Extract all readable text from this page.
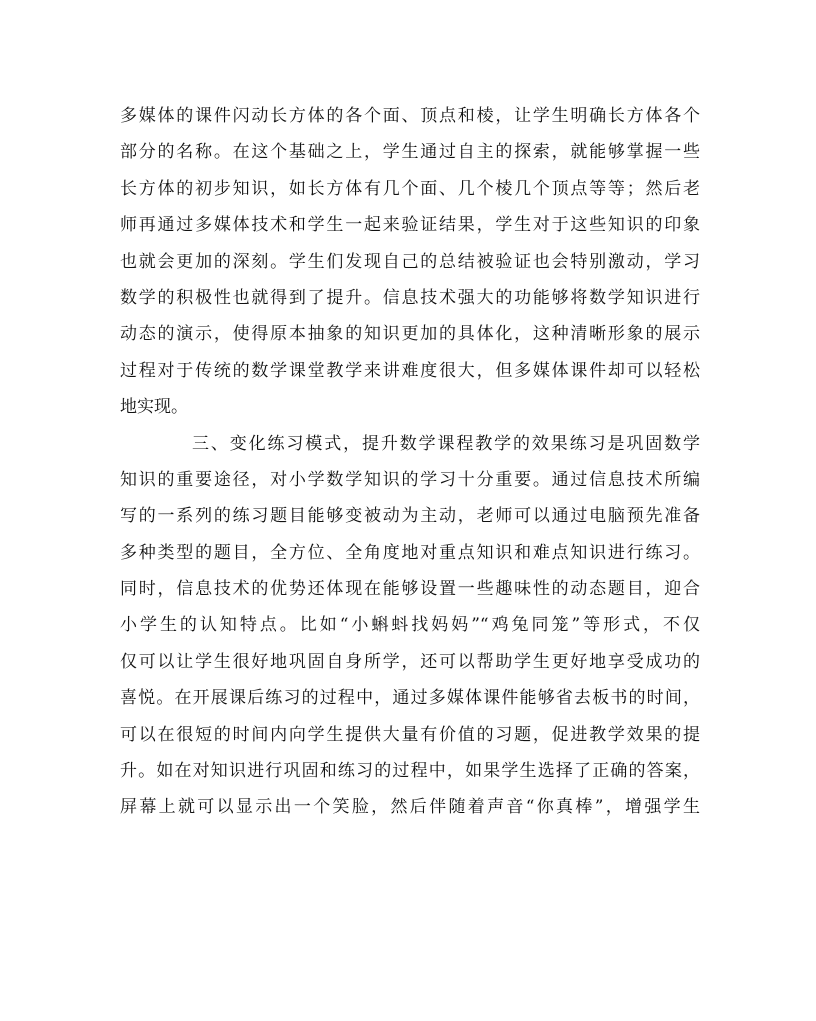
多媒体的课件闪动长方体的各个面、顶点和棱，让学生明确长方体各个
部分的名称。在这个基础之上，学生通过自主的探索，就能够掌握一些
长方体的初步知识，如长方体有几个面、几个棱几个顶点等等；然后老
师再通过多媒体技术和学生一起来验证结果，学生对于这些知识的印象
也就会更加的深刻。学生们发现自己的总结被验证也会特别激动，学习
数学的积极性也就得到了提升。信息技术强大的功能够将数学知识进行
动态的演示，使得原本抽象的知识更加的具体化，这种清晰形象的展示
过程对于传统的数学课堂教学来讲难度很大，但多媒体课件却可以轻松
地实现。
三、变化练习模式，提升数学课程教学的效果练习是巩固数学
知识的重要途径，对小学数学知识的学习十分重要。通过信息技术所编
写的一系列的练习题目能够变被动为主动，老师可以通过电脑预先准备
多种类型的题目，全方位、全角度地对重点知识和难点知识进行练习。
同时，信息技术的优势还体现在能够设置一些趣味性的动态题目，迎合
小学生的认知特点。比如“小蝌蚪找妈妈”“鸡兔同笼”等形式，不仅
仅可以让学生很好地巩固自身所学，还可以帮助学生更好地享受成功的
喜悦。在开展课后练习的过程中，通过多媒体课件能够省去板书的时间，
可以在很短的时间内向学生提供大量有价值的习题，促进教学效果的提
升。如在对知识进行巩固和练习的过程中，如果学生选择了正确的答案，
屏幕上就可以显示出一个笑脸，然后伴随着声音“你真棒”，增强学生
